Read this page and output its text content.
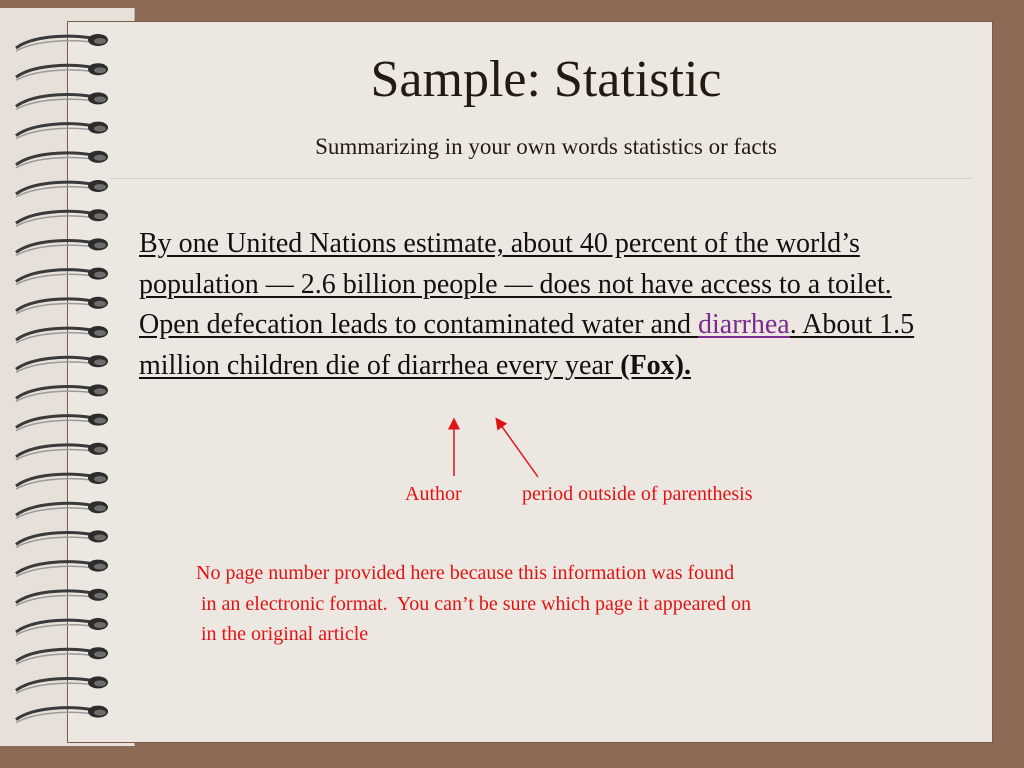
Sample: Statistic
Summarizing in your own words statistics or facts
By one United Nations estimate, about 40 percent of the world’s population — 2.6 billion people — does not have access to a toilet. Open defecation leads to contaminated water and diarrhea. About 1.5 million children die of diarrhea every year (Fox).
Author	period outside of parenthesis
No page number provided here because this information was found
in an electronic format.  You can’t be sure which page it appeared on
in the original article
